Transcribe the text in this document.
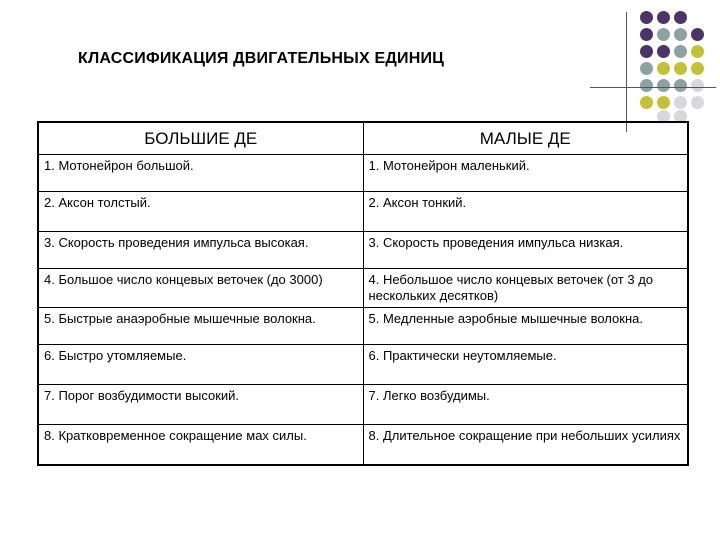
КЛАССИФИКАЦИЯ ДВИГАТЕЛЬНЫХ ЕДИНИЦ
БОЛЬШИЕ ДЕ	МАЛЫЕ ДЕ
1. Мотонейрон большой.	1. Мотонейрон маленький.
2. Аксон толстый.	2. Аксон тонкий.
3. Скорость проведения импульса высокая.	3. Скорость проведения импульса низкая.
4. Большое число концевых веточек (до 3000)	4. Небольшое число концевых веточек (от 3 до нескольких десятков)
5. Быстрые анаэробные мышечные волокна.	5. Медленные аэробные мышечные волокна.
6. Быстро утомляемые.	6. Практически неутомляемые.
7. Порог возбудимости высокий.	7. Легко возбудимы.
8. Кратковременное сокращение мах силы.	8. Длительное сокращение при небольших усилиях
